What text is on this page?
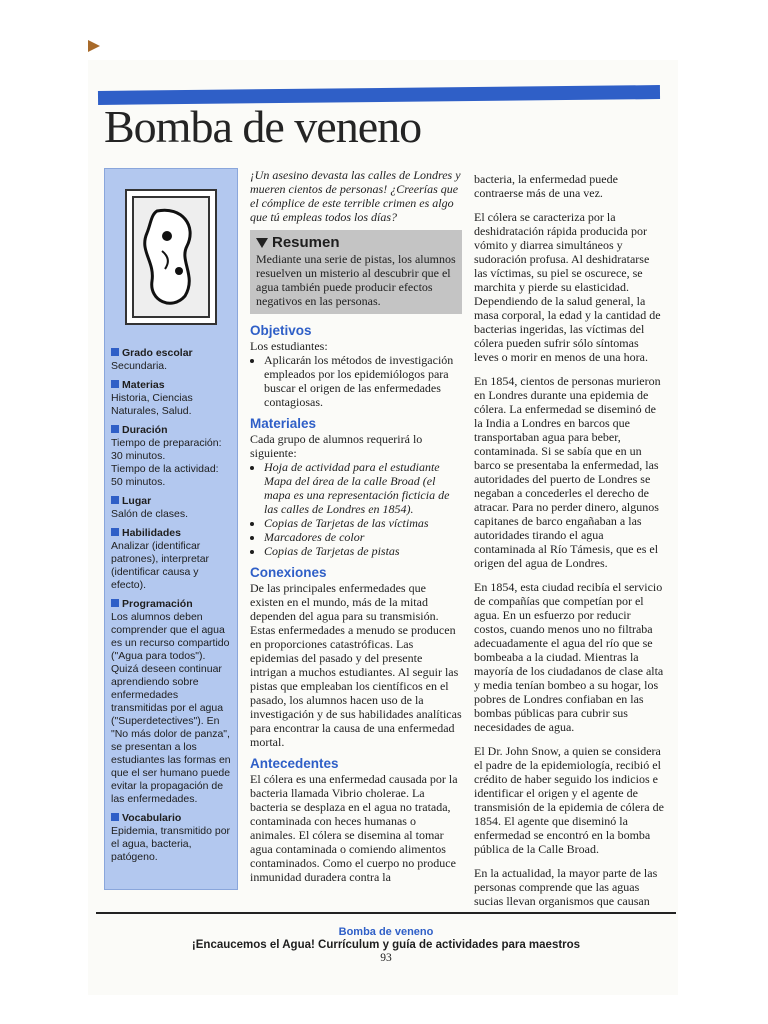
Bomba de veneno
Grado escolar
Secundaria.
Materias
Historia, Ciencias Naturales, Salud.
Duración
Tiempo de preparación: 30 minutos.
Tiempo de la actividad: 50 minutos.
Lugar
Salón de clases.
Habilidades
Analizar (identificar patrones), interpretar (identificar causa y efecto).
Programación
Los alumnos deben comprender que el agua es un recurso compartido ("Agua para todos"). Quizá deseen continuar aprendiendo sobre enfermedades transmitidas por el agua ("Superdetectives"). En "No más dolor de panza", se presentan a los estudiantes las formas en que el ser humano puede evitar la propagación de las enfermedades.
Vocabulario
Epidemia, transmitido por el agua, bacteria, patógeno.
¡Un asesino devasta las calles de Londres y mueren cientos de personas! ¿Creerías que el cómplice de este terrible crimen es algo que tú empleas todos los días?
Resumen
Mediante una serie de pistas, los alumnos resuelven un misterio al descubrir que el agua también puede producir efectos negativos en las personas.
Objetivos
Los estudiantes:
• Aplicarán los métodos de investigación empleados por los epidemiólogos para buscar el origen de las enfermedades contagiosas.
Materiales
Cada grupo de alumnos requerirá lo siguiente:
• Hoja de actividad para el estudiante Mapa del área de la calle Broad (el mapa es una representación ficticia de las calles de Londres en 1854).
• Copias de Tarjetas de las víctimas
• Marcadores de color
• Copias de Tarjetas de pistas
Conexiones
De las principales enfermedades que existen en el mundo, más de la mitad dependen del agua para su transmisión. Estas enfermedades a menudo se producen en proporciones catastróficas. Las epidemias del pasado y del presente intrigan a muchos estudiantes. Al seguir las pistas que empleaban los científicos en el pasado, los alumnos hacen uso de la investigación y de sus habilidades analíticas para encontrar la causa de una enfermedad mortal.
Antecedentes
El cólera es una enfermedad causada por la bacteria llamada Vibrio cholerae. La bacteria se desplaza en el agua no tratada, contaminada con heces humanas o animales. El cólera se disemina al tomar agua contaminada o comiendo alimentos contaminados. Como el cuerpo no produce inmunidad duradera contra la

bacteria, la enfermedad puede contraerse más de una vez.

El cólera se caracteriza por la deshidratación rápida producida por vómito y diarrea simultáneos y sudoración profusa. Al deshidratarse las víctimas, su piel se oscurece, se marchita y pierde su elasticidad. Dependiendo de la salud general, la masa corporal, la edad y la cantidad de bacterias ingeridas, las víctimas del cólera pueden sufrir sólo síntomas leves o morir en menos de una hora.

En 1854, cientos de personas murieron en Londres durante una epidemia de cólera. La enfermedad se diseminó de la India a Londres en barcos que transportaban agua para beber, contaminada. Si se sabía que en un barco se presentaba la enfermedad, las autoridades del puerto de Londres se negaban a concederles el derecho de atracar. Para no perder dinero, algunos capitanes de barco engañaban a las autoridades tirando el agua contaminada al Río Támesis, que es el origen del agua de Londres.

En 1854, esta ciudad recibía el servicio de compañías que competían por el agua. En un esfuerzo por reducir costos, cuando menos uno no filtraba adecuadamente el agua del río que se bombeaba a la ciudad. Mientras la mayoría de los ciudadanos de clase alta y media tenían bombeo a su hogar, los pobres de Londres confiaban en las bombas públicas para cubrir sus necesidades de agua.

El Dr. John Snow, a quien se considera el padre de la epidemiología, recibió el crédito de haber seguido los indicios e identificar el origen y el agente de transmisión de la epidemia de cólera de 1854. El agente que diseminó la enfermedad se encontró en la bomba pública de la Calle Broad.

En la actualidad, la mayor parte de las personas comprende que las aguas sucias llevan organismos que causan

Bomba de veneno
¡Encaucemos el Agua! Currículum y guía de actividades para maestros
93
